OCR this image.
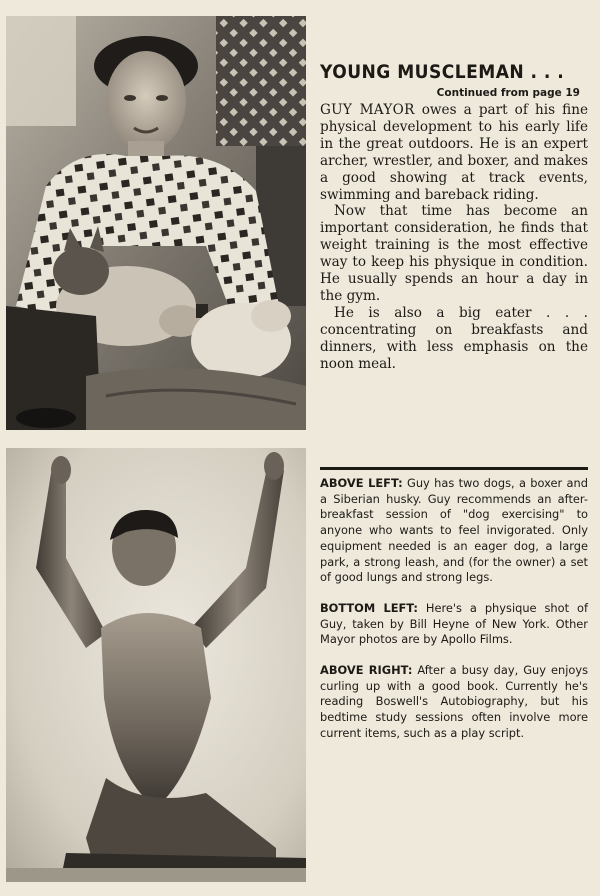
YOUNG MUSCLEMAN . . .
Continued from page 19

GUY MAYOR owes a part of his fine physical development to his early life in the great outdoors. He is an expert archer, wrestler, and boxer, and makes a good showing at track events, swimming and bareback riding.

Now that time has become an important consideration, he finds that weight training is the most effective way to keep his physique in condition. He usually spends an hour a day in the gym.

He is also a big eater . . . concentrating on breakfasts and dinners, with less emphasis on the noon meal.

ABOVE LEFT: Guy has two dogs, a boxer and a Siberian husky. Guy recommends an after-breakfast session of "dog exercising" to anyone who wants to feel invigorated. Only equipment needed is an eager dog, a large park, a strong leash, and (for the owner) a set of good lungs and strong legs.

BOTTOM LEFT: Here's a physique shot of Guy, taken by Bill Heyne of New York. Other Mayor photos are by Apollo Films.

ABOVE RIGHT: After a busy day, Guy enjoys curling up with a good book. Currently he's reading Boswell's Autobiography, but his bedtime study sessions often involve more current items, such as a play script.
